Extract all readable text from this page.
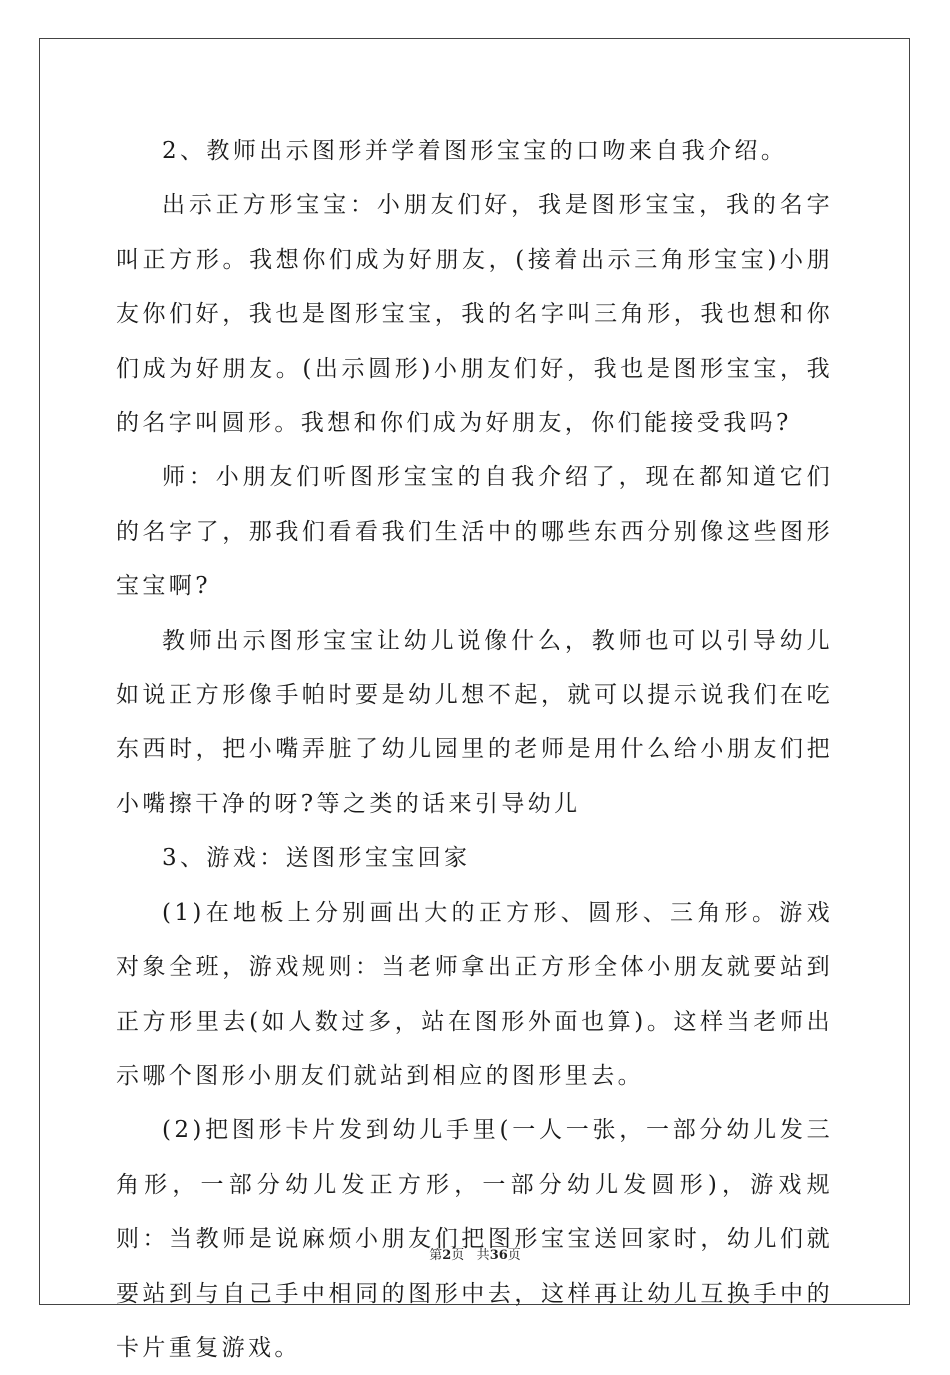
2、教师出示图形并学着图形宝宝的口吻来自我介绍。

出示正方形宝宝：小朋友们好，我是图形宝宝，我的名字叫正方形。我想你们成为好朋友，(接着出示三角形宝宝)小朋友你们好，我也是图形宝宝，我的名字叫三角形，我也想和你们成为好朋友。(出示圆形)小朋友们好，我也是图形宝宝，我的名字叫圆形。我想和你们成为好朋友，你们能接受我吗?

师：小朋友们听图形宝宝的自我介绍了，现在都知道它们的名字了，那我们看看我们生活中的哪些东西分别像这些图形宝宝啊?

教师出示图形宝宝让幼儿说像什么，教师也可以引导幼儿如说正方形像手帕时要是幼儿想不起，就可以提示说我们在吃东西时，把小嘴弄脏了幼儿园里的老师是用什么给小朋友们把小嘴擦干净的呀?等之类的话来引导幼儿

3、游戏：送图形宝宝回家

(1)在地板上分别画出大的正方形、圆形、三角形。游戏对象全班，游戏规则：当老师拿出正方形全体小朋友就要站到正方形里去(如人数过多，站在图形外面也算)。这样当老师出示哪个图形小朋友们就站到相应的图形里去。

(2)把图形卡片发到幼儿手里(一人一张，一部分幼儿发三角形，一部分幼儿发正方形，一部分幼儿发圆形)，游戏规则：当教师是说麻烦小朋友们把图形宝宝送回家时，幼儿们就要站到与自己手中相同的图形中去，这样再让幼儿互换手中的卡片重复游戏。

第2页 共36页
